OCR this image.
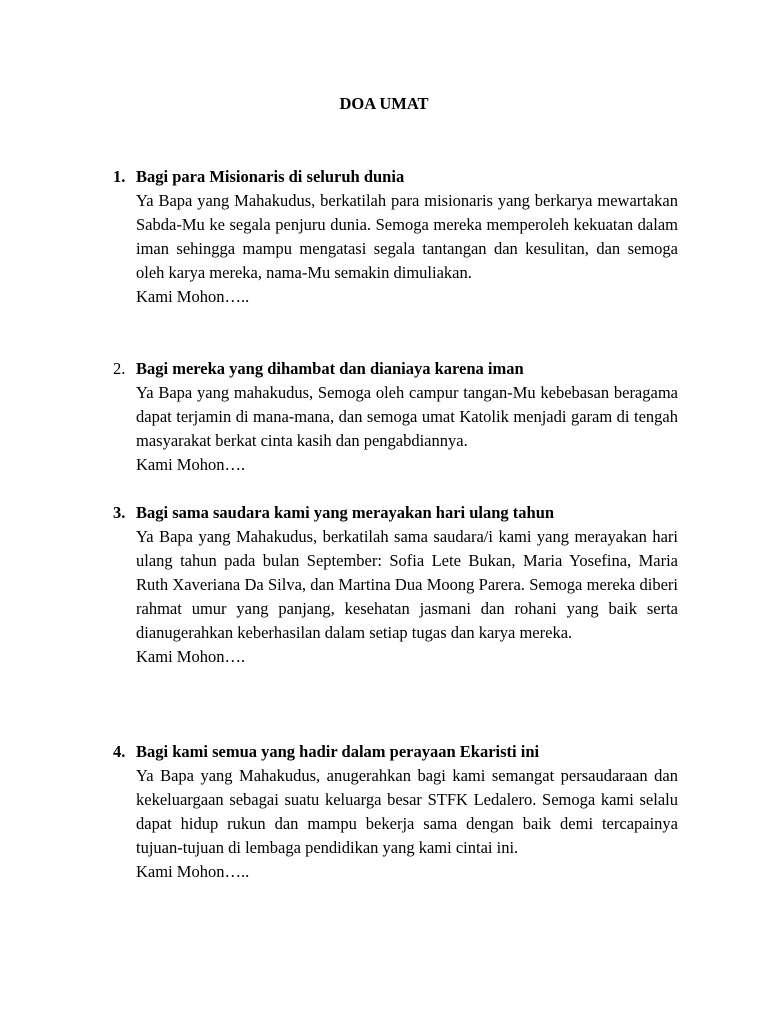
DOA UMAT
1. Bagi para Misionaris di seluruh dunia

Ya Bapa yang Mahakudus, berkatilah para misionaris yang berkarya mewartakan Sabda-Mu ke segala penjuru dunia. Semoga mereka memperoleh kekuatan dalam iman sehingga mampu mengatasi segala tantangan dan kesulitan, dan semoga oleh karya mereka, nama-Mu semakin dimuliakan.

Kami Mohon…..

2. Bagi mereka yang dihambat dan dianiaya karena iman

Ya Bapa yang mahakudus, Semoga oleh campur tangan-Mu kebebasan beragama dapat terjamin di mana-mana, dan semoga umat Katolik menjadi garam di tengah masyarakat berkat cinta kasih dan pengabdiannya.

Kami Mohon….

3. Bagi sama saudara kami yang merayakan hari ulang tahun

Ya Bapa yang Mahakudus, berkatilah sama saudara/i kami yang merayakan hari ulang tahun pada bulan September: Sofia Lete Bukan, Maria Yosefina, Maria Ruth Xaveriana Da Silva, dan Martina Dua Moong Parera. Semoga mereka diberi rahmat umur yang panjang, kesehatan jasmani dan rohani yang baik serta dianugerahkan keberhasilan dalam setiap tugas dan karya mereka.

Kami Mohon….

4. Bagi kami semua yang hadir dalam perayaan Ekaristi ini

Ya Bapa yang Mahakudus, anugerahkan bagi kami semangat persaudaraan dan kekeluargaan sebagai suatu keluarga besar STFK Ledalero. Semoga kami selalu dapat hidup rukun dan mampu bekerja sama dengan baik demi tercapainya tujuan-tujuan di lembaga pendidikan yang kami cintai ini.

Kami Mohon…..
